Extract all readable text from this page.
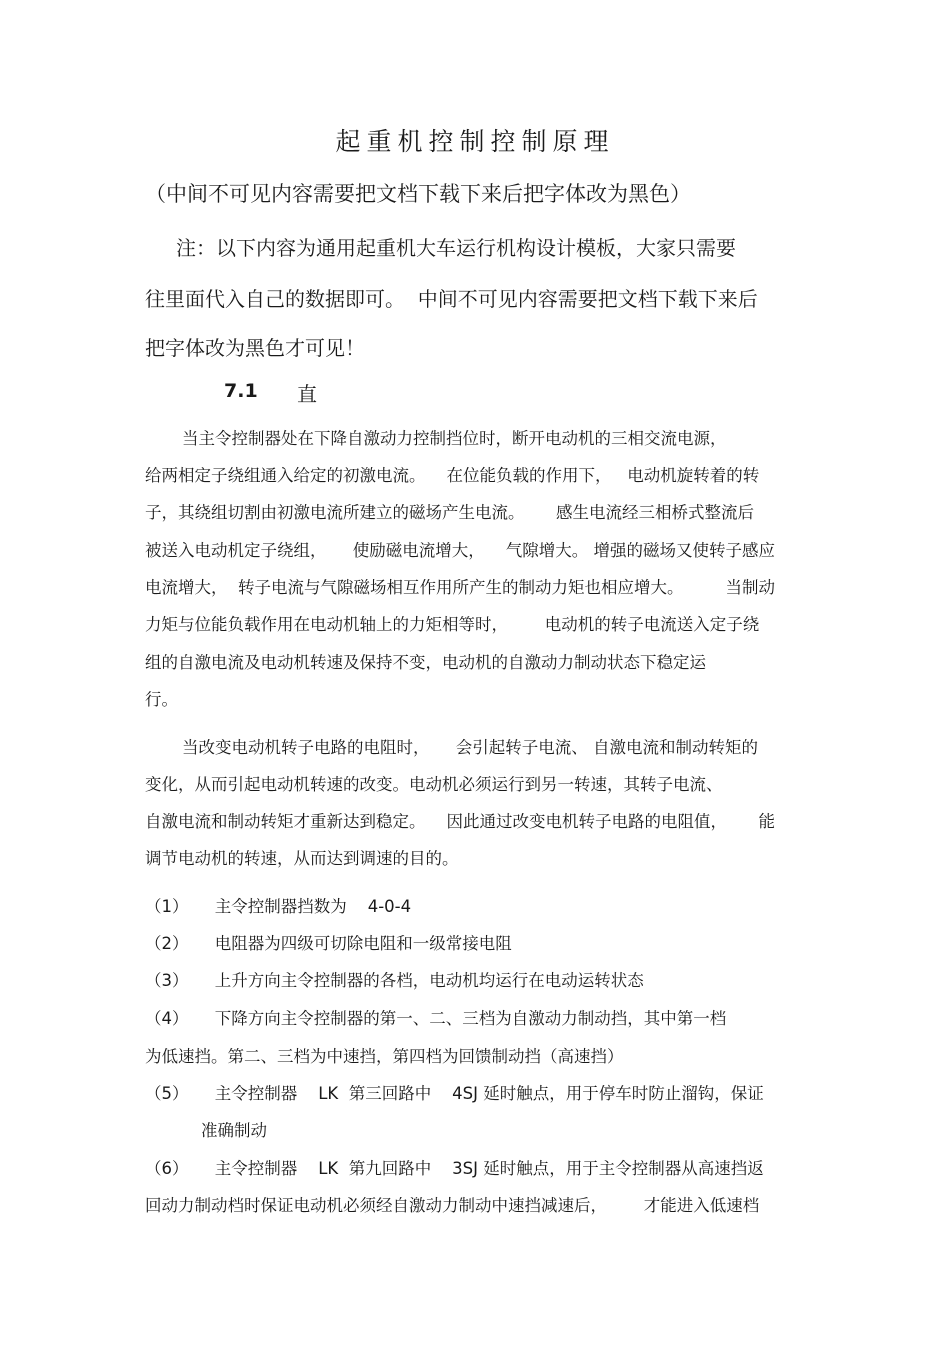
起重机控制控制原理
（中间不可见内容需要把文档下载下来后把字体改为黑色）
注：以下内容为通用起重机大车运行机构设计模板，大家只需要
往里面代入自己的数据即可。  中间不可见内容需要把文档下载下来后
把字体改为黑色才可见！
7.1 直
当主令控制器处在下降自激动力控制挡位时，断开电动机的三相交流电源，
给两相定子绕组通入给定的初激电流。    在位能负载的作用下，   电动机旋转着的转
子，其绕组切割由初激电流所建立的磁场产生电流。      感生电流经三相桥式整流后
被送入电动机定子绕组，     使励磁电流增大，    气隙增大。 增强的磁场又使转子感应
电流增大，  转子电流与气隙磁场相互作用所产生的制动力矩也相应增大。        当制动
力矩与位能负载作用在电动机轴上的力矩相等时，       电动机的转子电流送入定子绕
组的自激电流及电动机转速及保持不变，电动机的自激动力制动状态下稳定运
行。
当改变电动机转子电路的电阻时，     会引起转子电流、 自激电流和制动转矩的
变化，从而引起电动机转速的改变。电动机必须运行到另一转速，其转子电流、
自激电流和制动转矩才重新达到稳定。    因此通过改变电机转子电路的电阻值，      能
调节电动机的转速，从而达到调速的目的。
（1）     主令控制器挡数为    4-0-4
（2）     电阻器为四级可切除电阻和一级常接电阻
（3）     上升方向主令控制器的各档，电动机均运行在电动运转状态
（4）     下降方向主令控制器的第一、二、三档为自激动力制动挡，其中第一档
为低速挡。第二、三档为中速挡，第四档为回馈制动挡（高速挡）
（5）     主令控制器    LK  第三回路中    4SJ 延时触点，用于停车时防止溜钩，保证
准确制动
（6）     主令控制器    LK  第九回路中    3SJ 延时触点，用于主令控制器从高速挡返
回动力制动档时保证电动机必须经自激动力制动中速挡减速后，       才能进入低速档
